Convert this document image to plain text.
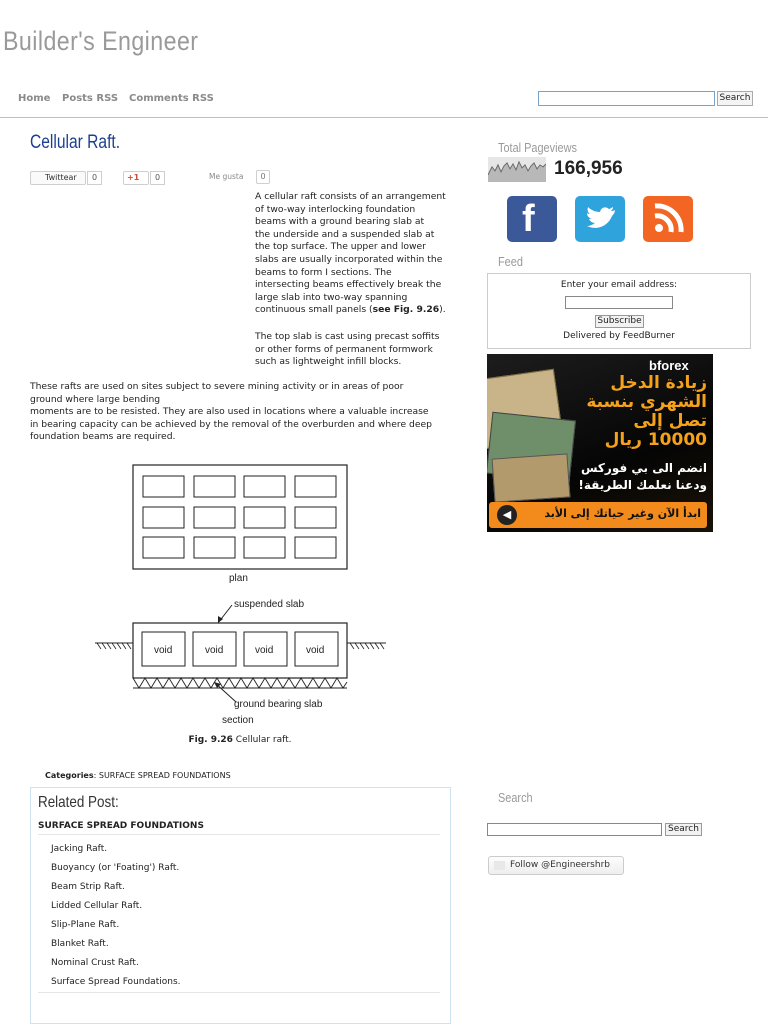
Builder's Engineer
Home Posts RSS Comments RSS	Search
Cellular Raft.
Twittear	0	+1	0	Me gusta	0
A cellular raft consists of an arrangement
of two-way interlocking foundation
beams with a ground bearing slab at
the underside and a suspended slab at
the top surface. The upper and lower
slabs are usually incorporated within the
beams to form I sections. The
intersecting beams effectively break the
large slab into two-way spanning
continuous small panels (see Fig. 9.26).
The top slab is cast using precast soffits
or other forms of permanent formwork
such as lightweight infill blocks.
These rafts are used on sites subject to severe mining activity or in areas of poor
ground where large bending
moments are to be resisted. They are also used in locations where a valuable increase
in bearing capacity can be achieved by the removal of the overburden and where deep
foundation beams are required.
plan
suspended slab
void	void	void	void
ground bearing slab
section
Fig. 9.26 Cellular raft.
Categories: SURFACE SPREAD FOUNDATIONS
Related Post:
SURFACE SPREAD FOUNDATIONS
Jacking Raft.
Buoyancy (or 'Foating') Raft.
Beam Strip Raft.
Lidded Cellular Raft.
Slip-Plane Raft.
Blanket Raft.
Nominal Crust Raft.
Surface Spread Foundations.
Total Pageviews
166,956
f
Feed
Enter your email address:
Subscribe
Delivered by FeedBurner
bforex
زيادة الدخل
الشهري بنسبة
تصل إلى
10000 ريال
انضم الى بي فوركس
ودعنا نعلمك الطريقة!
◀	ابدأ الآن وغير حياتك إلى الأبد
Search
Search
Follow @Engineershrb
